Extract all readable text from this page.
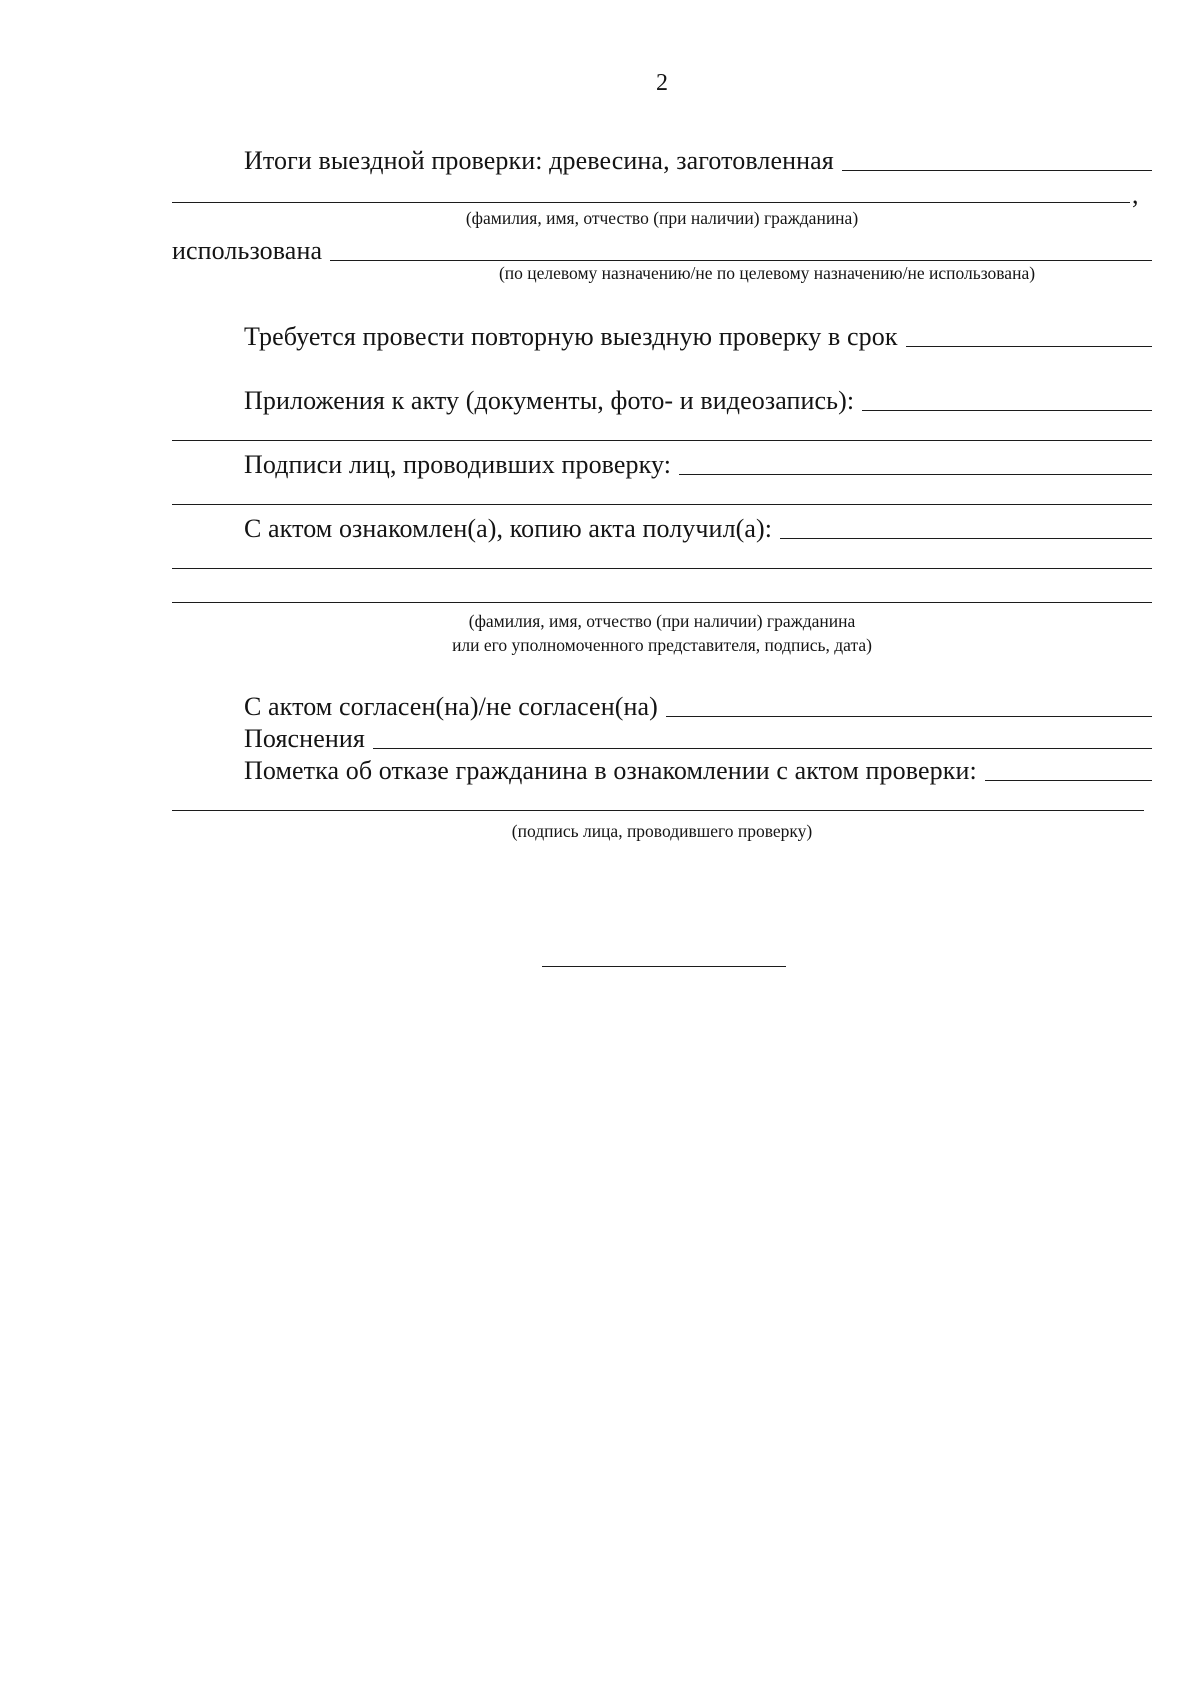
2
Итоги выездной проверки: древесина, заготовленная
,
(фамилия, имя, отчество (при наличии) гражданина)
использована
(по целевому назначению/не по целевому назначению/не использована)
Требуется провести повторную выездную проверку в срок
Приложения к акту (документы, фото- и видеозапись):
Подписи лиц, проводивших проверку:
С актом ознакомлен(а), копию акта получил(а):
(фамилия, имя, отчество (при наличии) гражданина
или его уполномоченного представителя, подпись, дата)
С актом согласен(на)/не согласен(на)
Пояснения
Пометка об отказе гражданина в ознакомлении с актом проверки:
(подпись лица, проводившего проверку)
